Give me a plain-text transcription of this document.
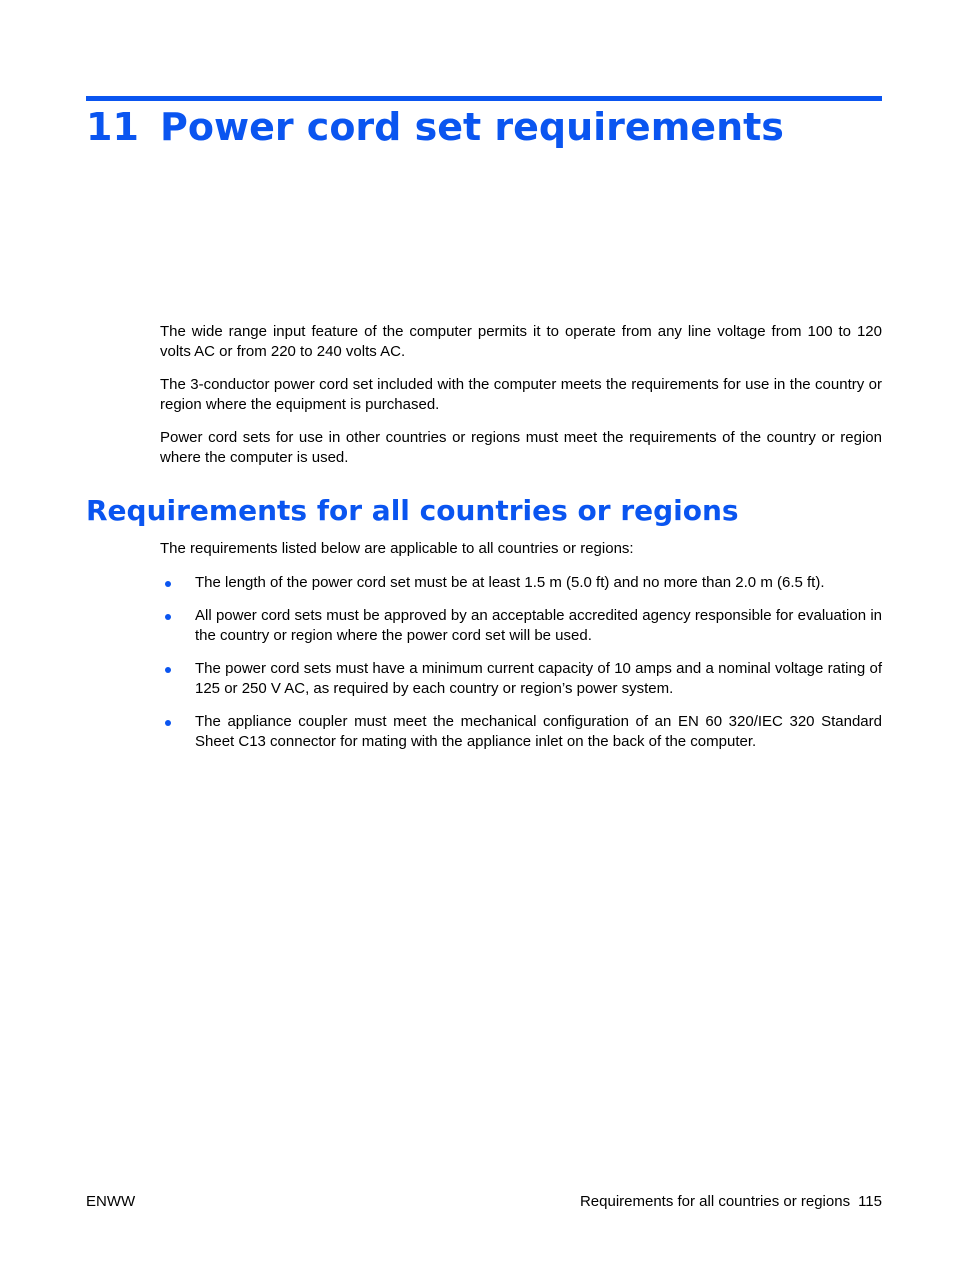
11 Power cord set requirements

The wide range input feature of the computer permits it to operate from any line voltage from 100 to 120 volts AC or from 220 to 240 volts AC.

The 3-conductor power cord set included with the computer meets the requirements for use in the country or region where the equipment is purchased.

Power cord sets for use in other countries or regions must meet the requirements of the country or region where the computer is used.

Requirements for all countries or regions

The requirements listed below are applicable to all countries or regions:

The length of the power cord set must be at least 1.5 m (5.0 ft) and no more than 2.0 m (6.5 ft).
All power cord sets must be approved by an acceptable accredited agency responsible for evaluation in the country or region where the power cord set will be used.
The power cord sets must have a minimum current capacity of 10 amps and a nominal voltage rating of 125 or 250 V AC, as required by each country or region’s power system.
The appliance coupler must meet the mechanical configuration of an EN 60 320/IEC 320 Standard Sheet C13 connector for mating with the appliance inlet on the back of the computer.
ENWW	Requirements for all countries or regions 115
